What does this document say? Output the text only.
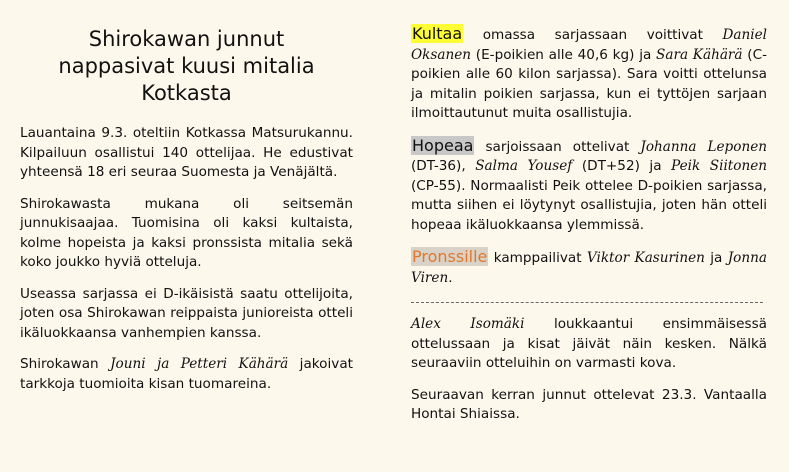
Shirokawan junnut
nappasivat kuusi mitalia
Kotkasta

Lauantaina 9.3. oteltiin Kotkassa Matsurukannu. Kilpailuun osallistui 140 ottelijaa. He edustivat yhteensä 18 eri seuraa Suomesta ja Venäjältä.

Shirokawasta mukana oli seitsemän junnukisaajaa. Tuomisina oli kaksi kultaista, kolme hopeista ja kaksi pronssista mitalia sekä koko joukko hyviä otteluja.

Useassa sarjassa ei D-ikäisistä saatu ottelijoita, joten osa Shirokawan reippaista junioreista otteli ikäluokkaansa vanhempien kanssa.

Shirokawan Jouni ja Petteri Kähärä jakoivat tarkkoja tuomioita kisan tuomareina.

Kultaa omassa sarjassaan voittivat Daniel Oksanen (E-poikien alle 40,6 kg) ja Sara Kähärä (C-poikien alle 60 kilon sarjassa). Sara voitti ottelunsa ja mitalin poikien sarjassa, kun ei tyttöjen sarjaan ilmoittautunut muita osallistujia.

Hopeaa sarjoissaan ottelivat Johanna Leponen (DT-36), Salma Yousef (DT+52) ja Peik Siitonen (CP-55). Normaalisti Peik ottelee D-poikien sarjassa, mutta siihen ei löytynyt osallistujia, joten hän otteli hopeaa ikäluokkaansa ylemmissä.

Pronssille kamppailivat Viktor Kasurinen ja Jonna Viren.

Alex Isomäki loukkaantui ensimmäisessä ottelussaan ja kisat jäivät näin kesken. Nälkä seuraaviin otteluihin on varmasti kova.

Seuraavan kerran junnut ottelevat 23.3. Vantaalla Hontai Shiaissa.
